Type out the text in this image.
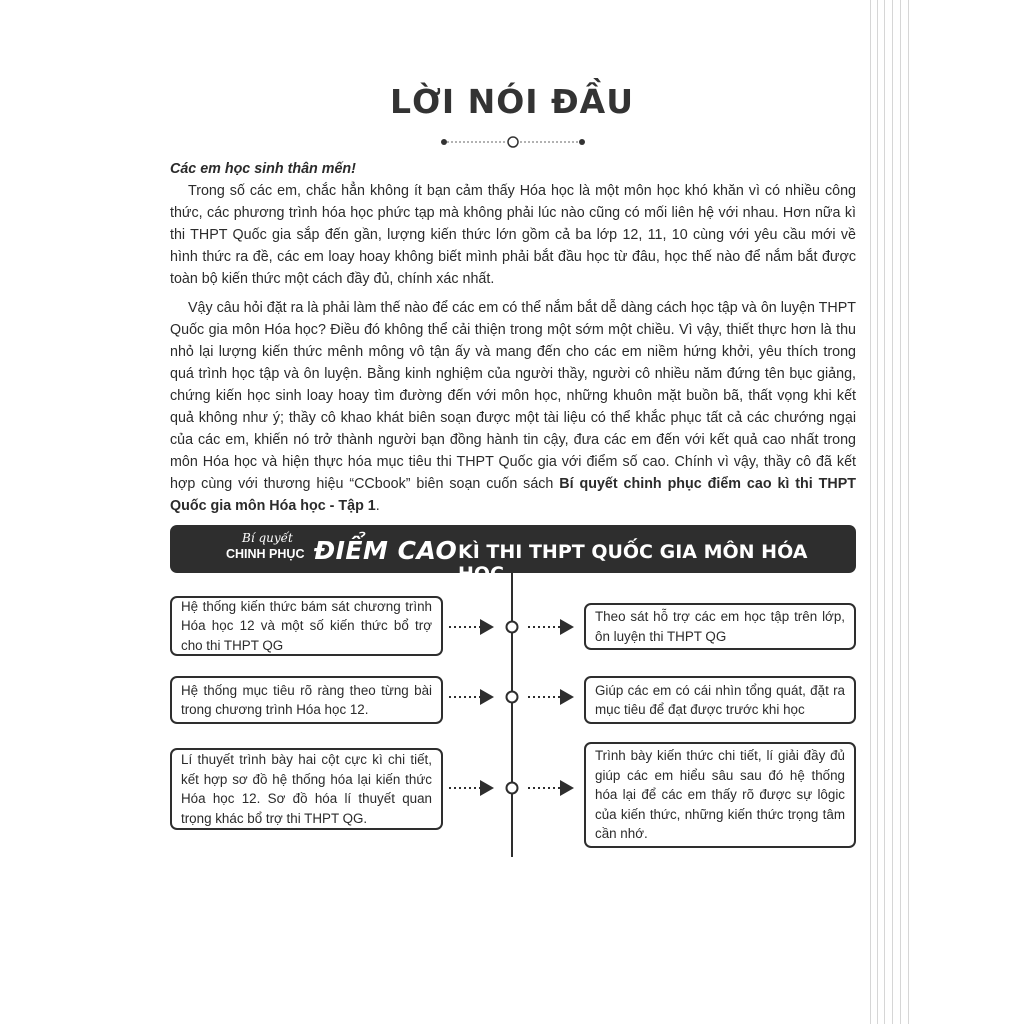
LỜI NÓI ĐẦU

Các em học sinh thân mến!

Trong số các em, chắc hẳn không ít bạn cảm thấy Hóa học là một môn học khó khăn vì có nhiều công thức, các phương trình hóa học phức tạp mà không phải lúc nào cũng có mối liên hệ với nhau. Hơn nữa kì thi THPT Quốc gia sắp đến gần, lượng kiến thức lớn gồm cả ba lớp 12, 11, 10 cùng với yêu cầu mới về hình thức ra đề, các em loay hoay không biết mình phải bắt đầu học từ đâu, học thế nào để nắm bắt được toàn bộ kiến thức một cách đầy đủ, chính xác nhất.

Vậy câu hỏi đặt ra là phải làm thế nào để các em có thể nắm bắt dễ dàng cách học tập và ôn luyện THPT Quốc gia môn Hóa học? Điều đó không thể cải thiện trong một sớm một chiều. Vì vậy, thiết thực hơn là thu nhỏ lại lượng kiến thức mênh mông vô tận ấy và mang đến cho các em niềm hứng khởi, yêu thích trong quá trình học tập và ôn luyện. Bằng kinh nghiệm của người thầy, người cô nhiều năm đứng tên bục giảng, chứng kiến học sinh loay hoay tìm đường đến với môn học, những khuôn mặt buồn bã, thất vọng khi kết quả không như ý; thầy cô khao khát biên soạn được một tài liệu có thể khắc phục tất cả các chướng ngại của các em, khiến nó trở thành người bạn đồng hành tin cậy, đưa các em đến với kết quả cao nhất trong môn Hóa học và hiện thực hóa mục tiêu thi THPT Quốc gia với điểm số cao. Chính vì vậy, thầy cô đã kết hợp cùng với thương hiệu “CCbook” biên soạn cuốn sách Bí quyết chinh phục điểm cao kì thi THPT Quốc gia môn Hóa học - Tập 1.

Bí quyết
CHINH PHỤC ĐIỂM CAO KÌ THI THPT QUỐC GIA MÔN HÓA HỌC
Hệ thống kiến thức bám sát chương trình Hóa học 12 và một số kiến thức bổ trợ cho thi THPT QG
Theo sát hỗ trợ các em học tập trên lớp, ôn luyện thi THPT QG
Hệ thống mục tiêu rõ ràng theo từng bài trong chương trình Hóa học 12.
Giúp các em có cái nhìn tổng quát, đặt ra mục tiêu để đạt được trước khi học
Lí thuyết trình bày hai cột cực kì chi tiết, kết hợp sơ đồ hệ thống hóa lại kiến thức Hóa học 12. Sơ đồ hóa lí thuyết quan trọng khác bổ trợ thi THPT QG.
Trình bày kiến thức chi tiết, lí giải đầy đủ giúp các em hiểu sâu sau đó hệ thống hóa lại để các em thấy rõ được sự lôgic của kiến thức, những kiến thức trọng tâm cần nhớ.
